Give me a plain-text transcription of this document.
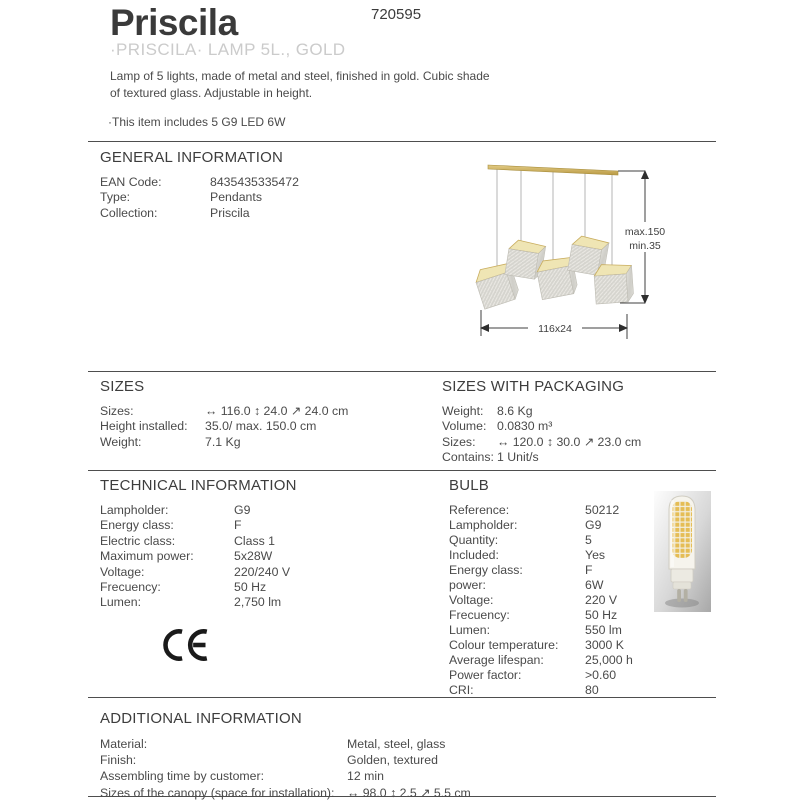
Priscila	720595
·PRISCILA· LAMP 5L., GOLD
Lamp of 5 lights, made of metal and steel, finished in gold. Cubic shade
of textured glass. Adjustable in height.
·This item includes 5 G9 LED 6W
GENERAL INFORMATION
EAN Code:	8435435335472
Type:	Pendants
Collection:	Priscila
max.150
min.35
116x24
SIZES
Sizes:	↔ 116.0 ↕ 24.0 ↗ 24.0 cm
Height installed:	35.0/ max. 150.0 cm
Weight:	7.1 Kg
SIZES WITH PACKAGING
Weight:	8.6 Kg
Volume: 0.0830 m³
Sizes:	↔ 120.0 ↕ 30.0 ↗ 23.0 cm
Contains: 1 Unit/s
TECHNICAL INFORMATION
Lampholder:	G9
Energy class:	F
Electric class:	Class 1
Maximum power:	5x28W
Voltage:	220/240 V
Frecuency:	50 Hz
Lumen:	2,750 lm
BULB
Reference:	50212
Lampholder:	G9
Quantity:	5
Included:	Yes
Energy class:	F
power:	6W
Voltage:	220 V
Frecuency:	50 Hz
Lumen:	550 lm
Colour temperature:	3000 K
Average lifespan:	25,000 h
Power factor:	>0.60
CRI:	80
ADDITIONAL INFORMATION
Material:	Metal, steel, glass
Finish:	Golden, textured
Assembling time by customer:	12 min
Sizes of the canopy (space for installation):	↔ 98.0 ↕ 2.5 ↗ 5.5 cm
